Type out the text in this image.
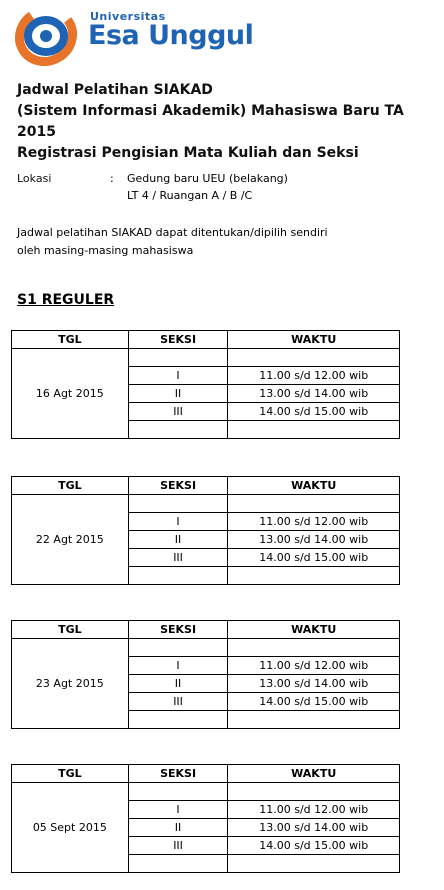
Universitas
Esa Unggul
Jadwal Pelatihan SIAKAD
(Sistem Informasi Akademik) Mahasiswa Baru TA 2015
Registrasi Pengisian Mata Kuliah dan Seksi
Lokasi	: Gedung baru UEU (belakang)
LT 4 / Ruangan A / B /C
Jadwal pelatihan SIAKAD dapat ditentukan/dipilih sendiri
oleh masing-masing mahasiswa
S1 REGULER
TGL	SEKSI	WAKTU
16 Agt 2015		
	I	11.00 s/d 12.00 wib
	II	13.00 s/d 14.00 wib
	III	14.00 s/d 15.00 wib

TGL	SEKSI	WAKTU
22 Agt 2015		
	I	11.00 s/d 12.00 wib
	II	13.00 s/d 14.00 wib
	III	14.00 s/d 15.00 wib

TGL	SEKSI	WAKTU
23 Agt 2015		
	I	11.00 s/d 12.00 wib
	II	13.00 s/d 14.00 wib
	III	14.00 s/d 15.00 wib

TGL	SEKSI	WAKTU
05 Sept 2015		
	I	11.00 s/d 12.00 wib
	II	13.00 s/d 14.00 wib
	III	14.00 s/d 15.00 wib
